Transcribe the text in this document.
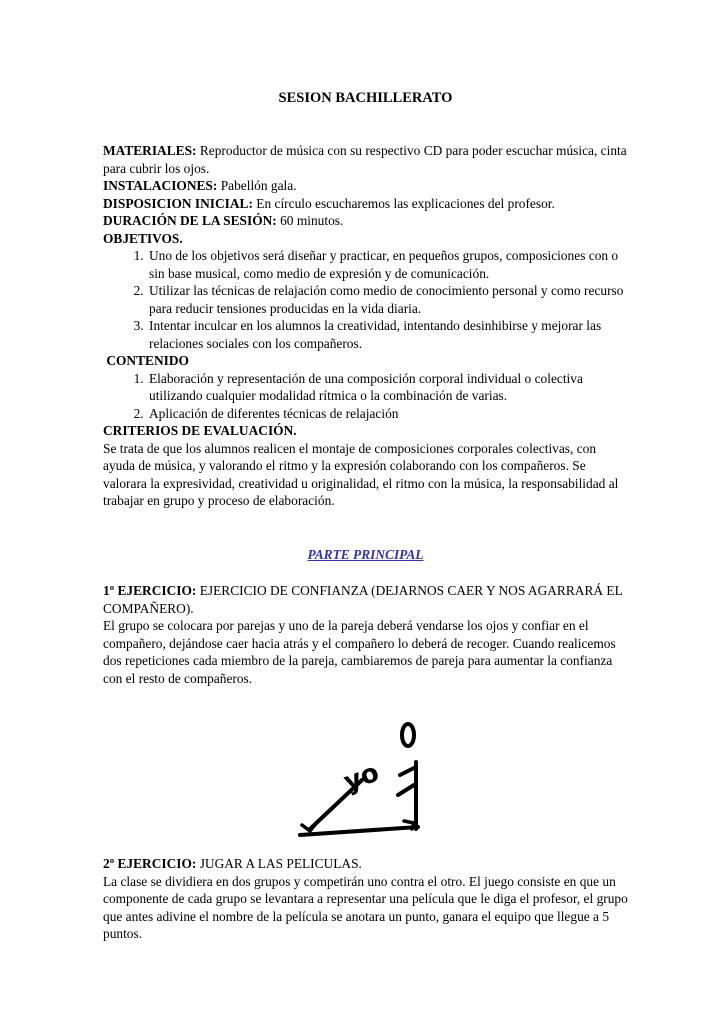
SESION BACHILLERATO

MATERIALES: Reproductor de música con su respectivo CD para poder escuchar música, cinta para cubrir los ojos.

INSTALACIONES: Pabellón gala.

DISPOSICION INICIAL: En círculo escucharemos las explicaciones del profesor.

DURACIÓN DE LA SESIÓN: 60 minutos.

OBJETIVOS.
1. Uno de los objetivos será diseñar y practicar, en pequeños grupos, composiciones con o sin base musical, como medio de expresión y de comunicación.
2. Utilizar las técnicas de relajación como medio de conocimiento personal y como recurso para reducir tensiones producidas en la vida diaria.
3. Intentar inculcar en los alumnos la creatividad, intentando desinhibirse y mejorar las relaciones sociales con los compañeros.
CONTENIDO
1. Elaboración y representación de una composición corporal individual o colectiva utilizando cualquier modalidad rítmica o la combinación de varias.
2. Aplicación de diferentes técnicas de relajación
CRITERIOS DE EVALUACIÓN.

Se trata de que los alumnos realicen el montaje de composiciones corporales colectivas, con ayuda de música, y valorando el ritmo y la expresión colaborando con los compañeros. Se valorara la expresividad, creatividad u originalidad, el ritmo con la música, la responsabilidad al trabajar en grupo y proceso de elaboración.

PARTE PRINCIPAL

1º EJERCICIO: EJERCICIO DE CONFIANZA (DEJARNOS CAER Y NOS AGARRARÁ EL COMPAÑERO).

El grupo se colocara por parejas y uno de la pareja deberá vendarse los ojos y confiar en el compañero, dejándose caer hacia atrás y el compañero lo deberá de recoger. Cuando realicemos dos repeticiones cada miembro de la pareja, cambiaremos de pareja para aumentar la confianza con el resto de compañeros.

2º EJERCICIO: JUGAR A LAS PELICULAS.

La clase se dividiera en dos grupos y competirán uno contra el otro. El juego consiste en que un componente de cada grupo se levantara a representar una película que le diga el profesor, el grupo que antes adivine el nombre de la película se anotara un punto, ganara el equipo que llegue a 5 puntos.

yo
